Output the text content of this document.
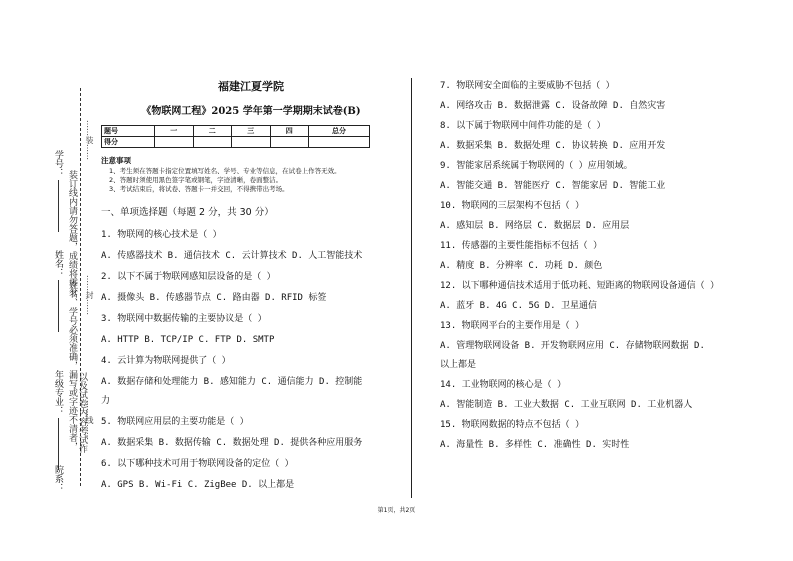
学号：
姓名：
年级专业：
院系：
装订线内请勿答题，成绩将零分
姓名、学号必须准确，漏写或字迹不清者， 以及试卷内容考试作
……装……
……封……
……线……
福建江夏学院
《物联网工程》2025 学年第一学期期末试卷(B)
题号	一	二	三	四	总分
得分					
注意事项
1、考生须在答题卡指定位置填写姓名、学号、专业等信息，在试卷上作答无效。
2、答题时须使用黑色签字笔或钢笔，字迹清晰，卷面整洁。
3、考试结束后，将试卷、答题卡一并交回，不得携带出考场。
一、单项选择题（每题 2 分，共 30 分）
1. 物联网的核心技术是（ ）
A. 传感器技术 B. 通信技术 C. 云计算技术 D. 人工智能技术
2. 以下不属于物联网感知层设备的是（ ）
A. 摄像头 B. 传感器节点 C. 路由器 D. RFID 标签
3. 物联网中数据传输的主要协议是（ ）
A. HTTP B. TCP/IP C. FTP D. SMTP
4. 云计算为物联网提供了（ ）
A. 数据存储和处理能力 B. 感知能力 C. 通信能力 D. 控制能
力
5. 物联网应用层的主要功能是（ ）
A. 数据采集 B. 数据传输 C. 数据处理 D. 提供各种应用服务
6. 以下哪种技术可用于物联网设备的定位（ ）
A. GPS B. Wi-Fi C. ZigBee D. 以上都是
7. 物联网安全面临的主要威胁不包括（ ）
A. 网络攻击 B. 数据泄露 C. 设备故障 D. 自然灾害
8. 以下属于物联网中间件功能的是（ ）
A. 数据采集 B. 数据处理 C. 协议转换 D. 应用开发
9. 智能家居系统属于物联网的（ ）应用领域。
A. 智能交通 B. 智能医疗 C. 智能家居 D. 智能工业
10. 物联网的三层架构不包括（ ）
A. 感知层 B. 网络层 C. 数据层 D. 应用层
11. 传感器的主要性能指标不包括（ ）
A. 精度 B. 分辨率 C. 功耗 D. 颜色
12. 以下哪种通信技术适用于低功耗、短距离的物联网设备通信（ ）
A. 蓝牙 B. 4G C. 5G D. 卫星通信
13. 物联网平台的主要作用是（ ）
A. 管理物联网设备 B. 开发物联网应用 C. 存储物联网数据 D.
以上都是
14. 工业物联网的核心是（ ）
A. 智能制造 B. 工业大数据 C. 工业互联网 D. 工业机器人
15. 物联网数据的特点不包括（ ）
A. 海量性 B. 多样性 C. 准确性 D. 实时性
第1页，共2页
